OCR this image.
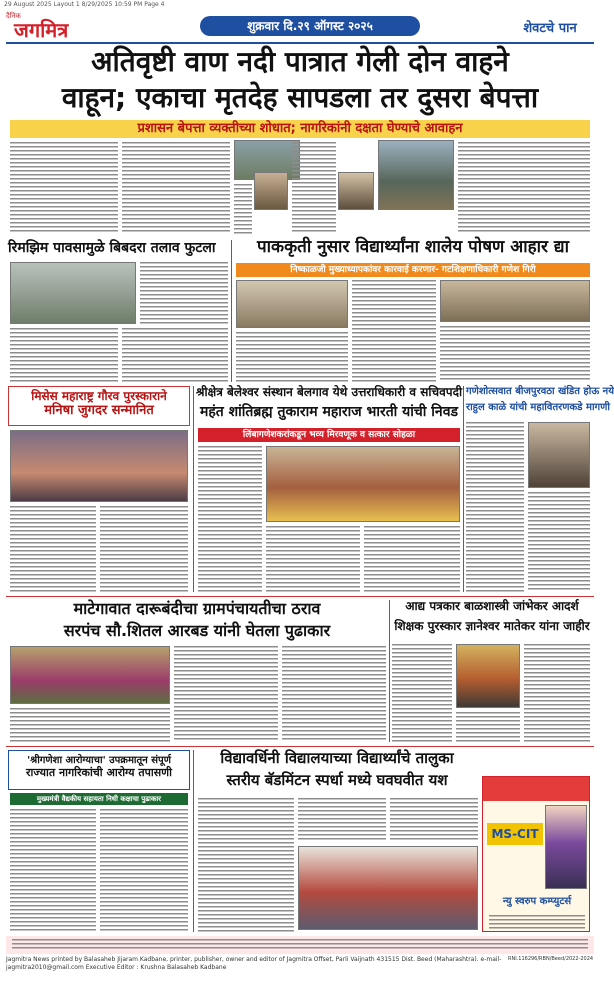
29 August 2025 Layout 1 8/29/2025 10:59 PM Page 4
दैनिक
जगमित्र	शुक्रवार दि.२९ ऑगस्ट २०२५	शेवटचे पान
अतिवृष्टी वाण नदी पात्रात गेली दोन वाहने
वाहून; एकाचा मृतदेह सापडला तर दुसरा बेपत्ता
प्रशासन बेपत्ता व्यक्तीच्या शोधात; नागरिकांनी दक्षता घेण्याचे आवाहन
रिमझिम पावसामुळे बिबदरा तलाव फुटला	पाककृती नुसार विद्यार्थ्यांना शालेय पोषण आहार द्या
निष्काळजी मुख्याध्यापकांवर कारवाई करणार- गटशिक्षणाधिकारी गणेश गिरी
मिसेस महाराष्ट्र गौरव पुरस्काराने
मनिषा जुगदर सन्मानित
श्रीक्षेत्र बेलेश्वर संस्थान बेलगाव येथे उत्तराधिकारी व सचिवपदी
महंत शांतिब्रह्म तुकाराम महाराज भारती यांची निवड
लिंबागणेशकरांकडून भव्य मिरवणूक व सत्कार सोहळा
गणेशोत्सवात बीजपुरवठा खंडित होऊ नये
राहुल काळे यांची महावितरणकडे मागणी
माटेगावात दारूबंदीचा ग्रामपंचायतीचा ठराव
सरपंच सौ.शितल आरबड यांनी घेतला पुढाकार
आद्य पत्रकार बाळशास्त्री जांभेकर आदर्श
शिक्षक पुरस्कार ज्ञानेश्वर मातेकर यांना जाहीर
'श्रीगणेशा आरोग्याचा' उपक्रमातून संपूर्ण
राज्यात नागरिकांची आरोग्य तपासणी
मुख्यमंत्री वैद्यकीय सहायता निधी कक्षाचा पुढाकार
विद्यावर्धिनी विद्यालयाच्या विद्यार्थ्यांचे तालुका
स्तरीय बॅडमिंटन स्पर्धा मध्ये घवघवीत यश
MS-CIT
न्यु स्वरुप कम्प्युटर्स
Jagmitra News printed by Balasaheb Jijaram Kadbane, printer, publisher, owner and editor of Jagmitra Offset, Parli Vaijnath 431515 Dist. Beed (Maharashtra). e-mail-jagmitra2010@gmail.com Executive Editor : Krushna Balasaheb Kadbane
RNI.116296/RBN/Beed/2022-2024
